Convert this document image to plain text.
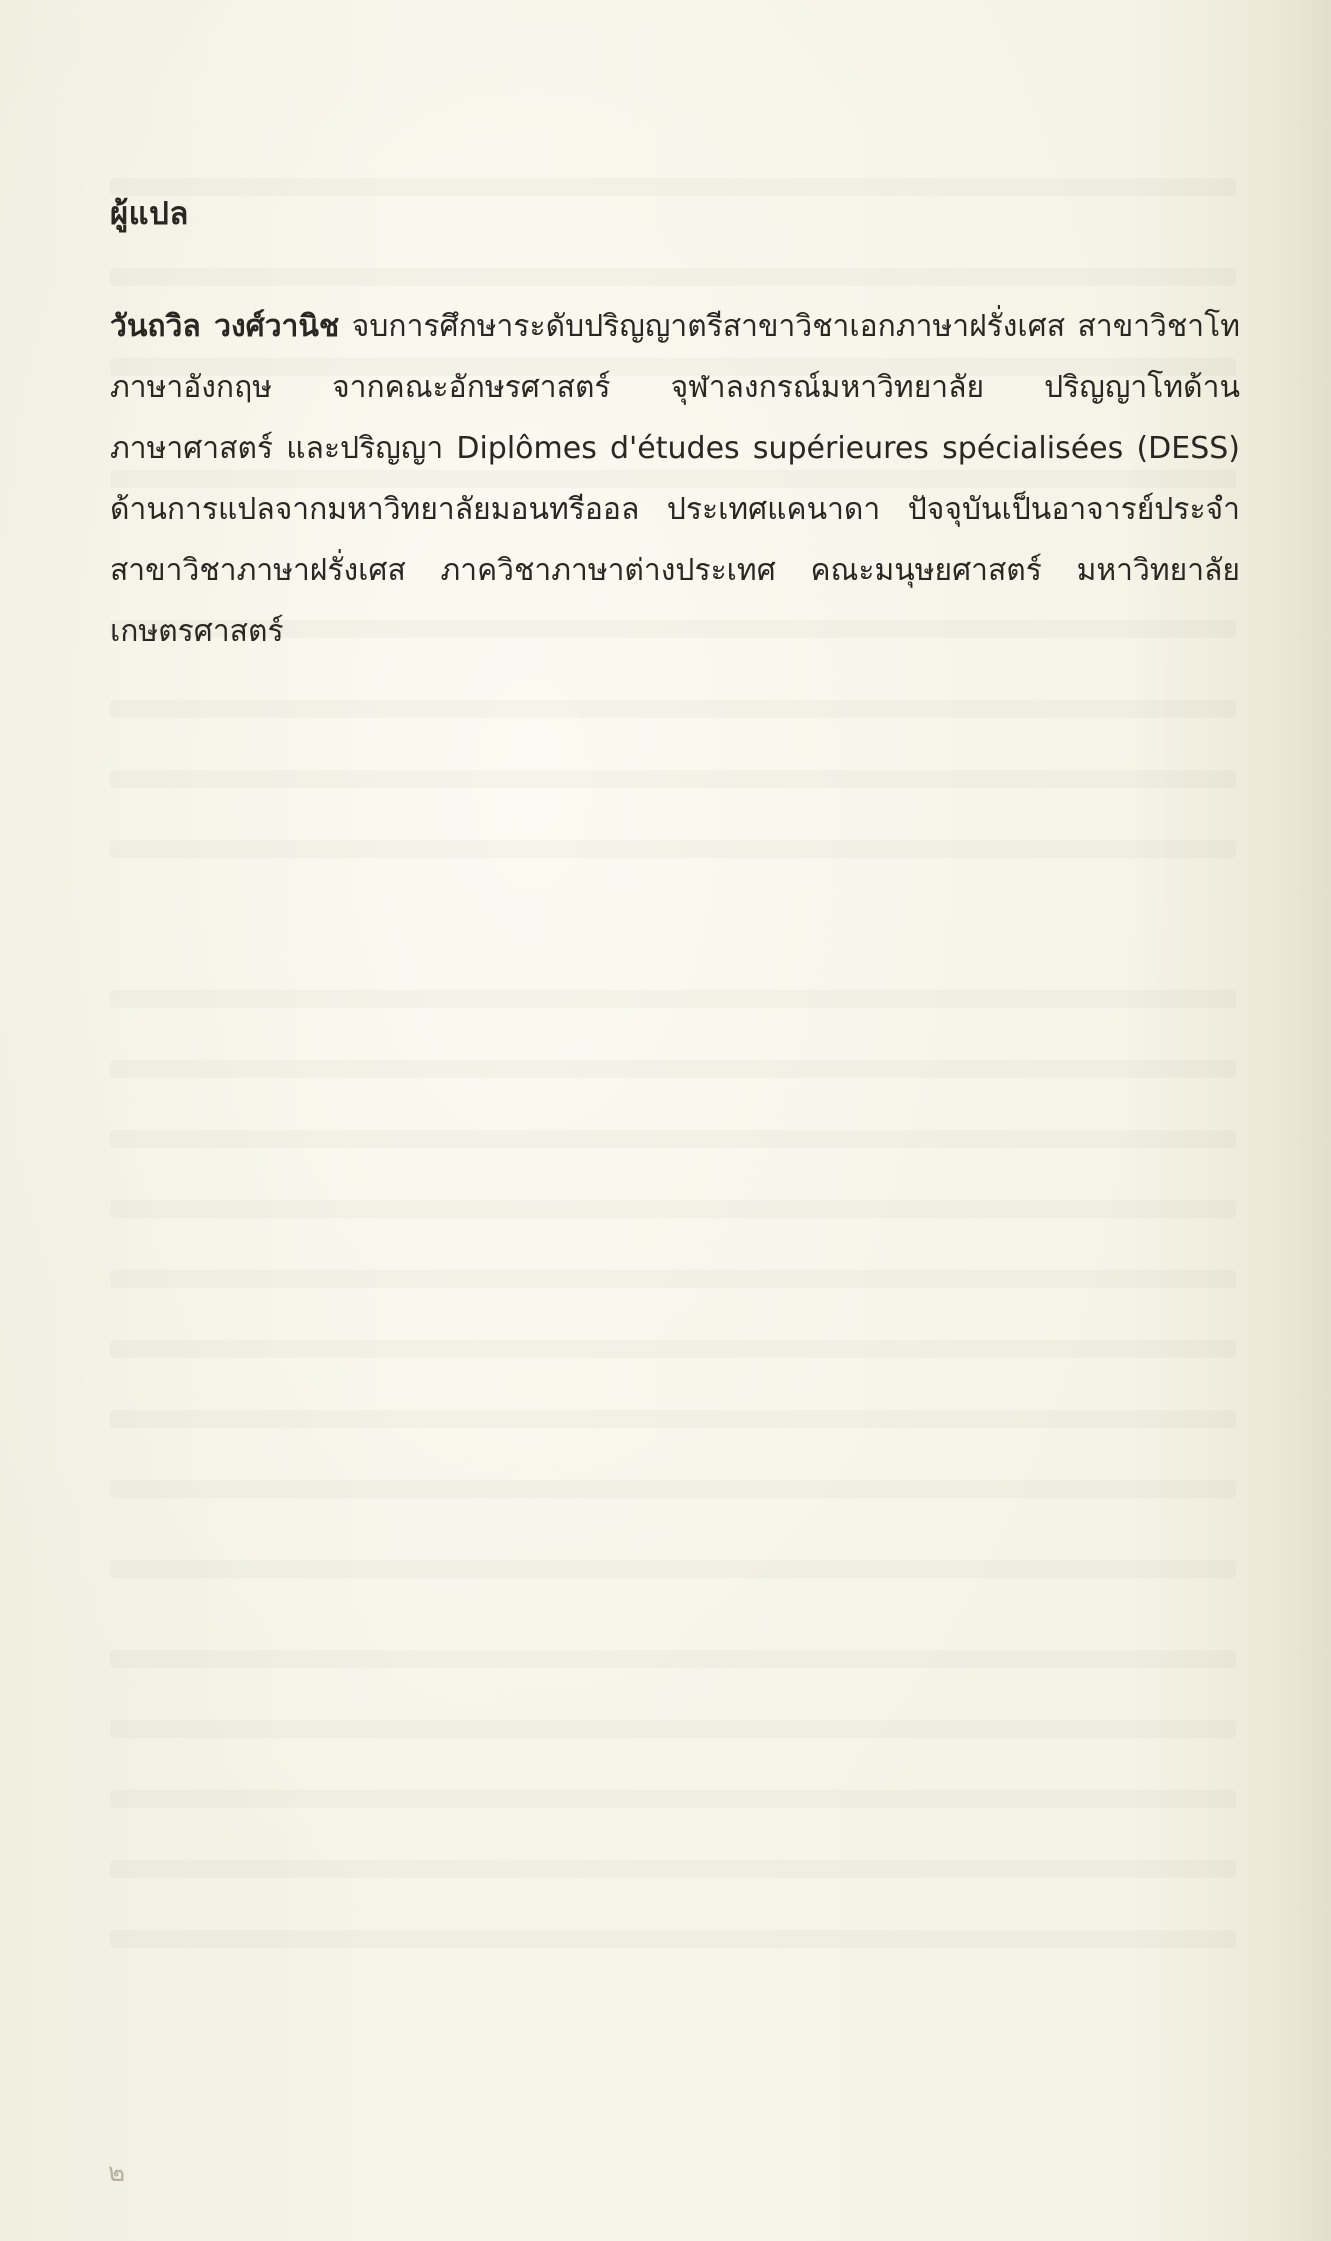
ผู้แปล

วันถวิล วงศ์วานิช จบการศึกษาระดับปริญญาตรีสาขาวิชาเอกภาษาฝรั่งเศส สาขาวิชาโทภาษาอังกฤษ จากคณะอักษรศาสตร์ จุฬาลงกรณ์มหาวิทยาลัย ปริญญาโทด้านภาษาศาสตร์ และปริญญา Diplômes d'études supérieures spécialisées (DESS) ด้านการแปลจากมหาวิทยาลัยมอนทรีออล ประเทศแคนาดา ปัจจุบันเป็นอาจารย์ประจำสาขาวิชาภาษาฝรั่งเศส ภาควิชาภาษาต่างประเทศ คณะมนุษยศาสตร์ มหาวิทยาลัยเกษตรศาสตร์

๒
